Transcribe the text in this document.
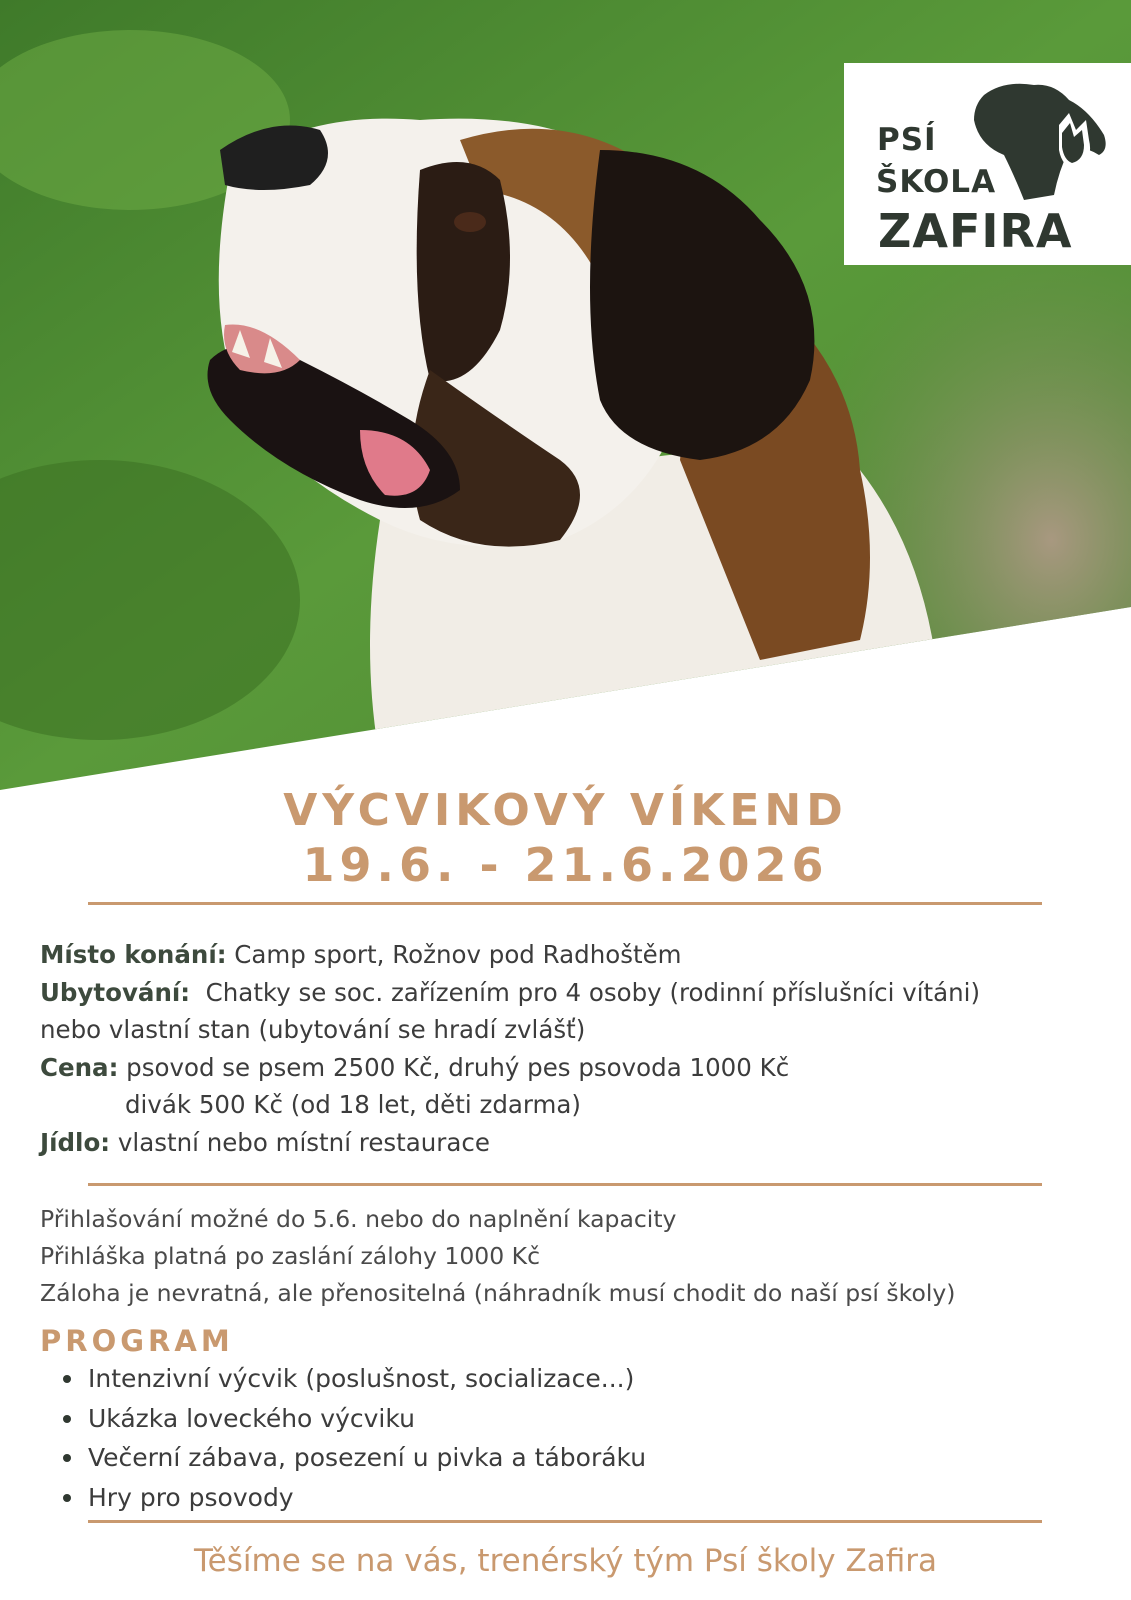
PSÍ
ŠKOLA
ZAFIRA
VÝCVIKOVÝ VÍKEND
19.6. - 21.6.2026
Místo konání: Camp sport, Rožnov pod Radhoštěm
Ubytování:  Chatky se soc. zařízením pro 4 osoby (rodinní příslušníci vítáni)
nebo vlastní stan (ubytování se hradí zvlášť)
Cena: psovod se psem 2500 Kč, druhý pes psovoda 1000 Kč
divák 500 Kč (od 18 let, děti zdarma)
Jídlo: vlastní nebo místní restaurace
Přihlašování možné do 5.6. nebo do naplnění kapacity
Přihláška platná po zaslání zálohy 1000 Kč
Záloha je nevratná, ale přenositelná (náhradník musí chodit do naší psí školy)
PROGRAM
Intenzivní výcvik (poslušnost, socializace...)
Ukázka loveckého výcviku
Večerní zábava, posezení u pivka a táboráku
Hry pro psovody
Těšíme se na vás, trenérský tým Psí školy Zafira
